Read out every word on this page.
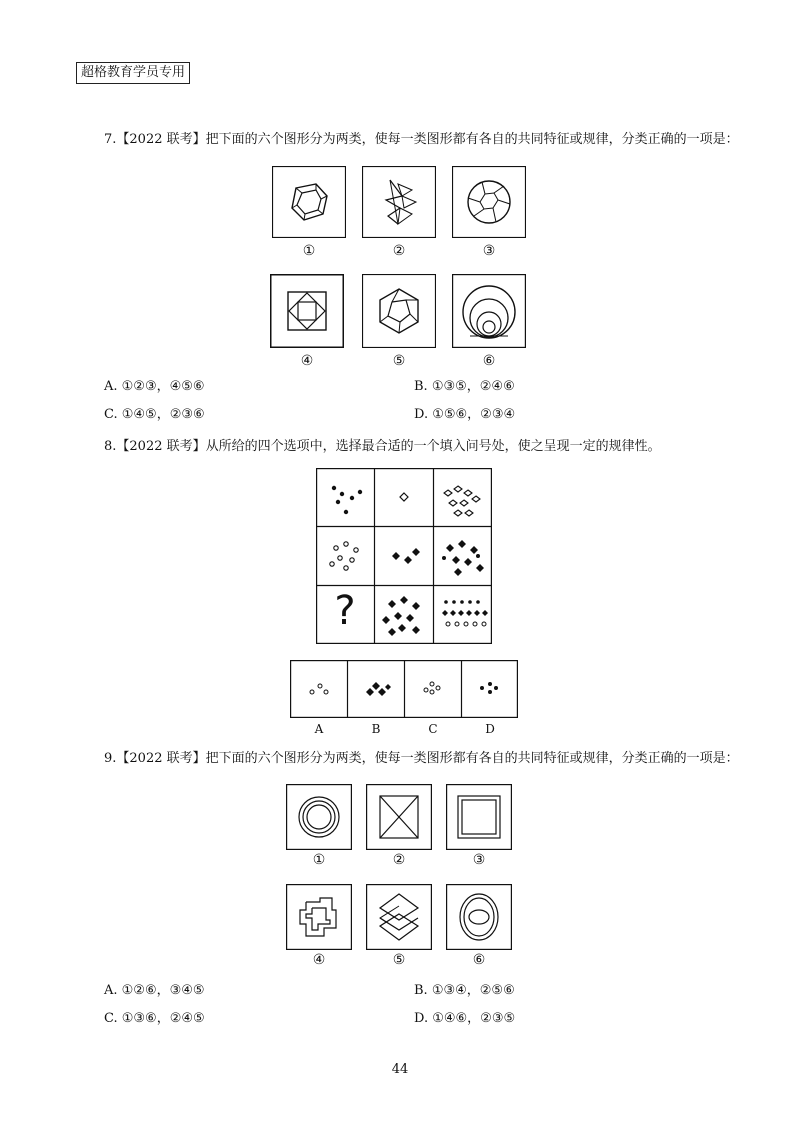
超格教育学员专用
7.【2022 联考】把下面的六个图形分为两类，使每一类图形都有各自的共同特征或规律，分类正确的一项是：
①	②	③
④	⑤	⑥
A. ①②③，④⑤⑥	B. ①③⑤，②④⑥
C. ①④⑤，②③⑥	D. ①⑤⑥，②③④
8.【2022 联考】从所给的四个选项中，选择最合适的一个填入问号处，使之呈现一定的规律性。
?
A	B	C	D
9.【2022 联考】把下面的六个图形分为两类，使每一类图形都有各自的共同特征或规律，分类正确的一项是：
①	②	③
④	⑤	⑥
A. ①②⑥，③④⑤	B. ①③④，②⑤⑥
C. ①③⑥，②④⑤	D. ①④⑥，②③⑤
44
